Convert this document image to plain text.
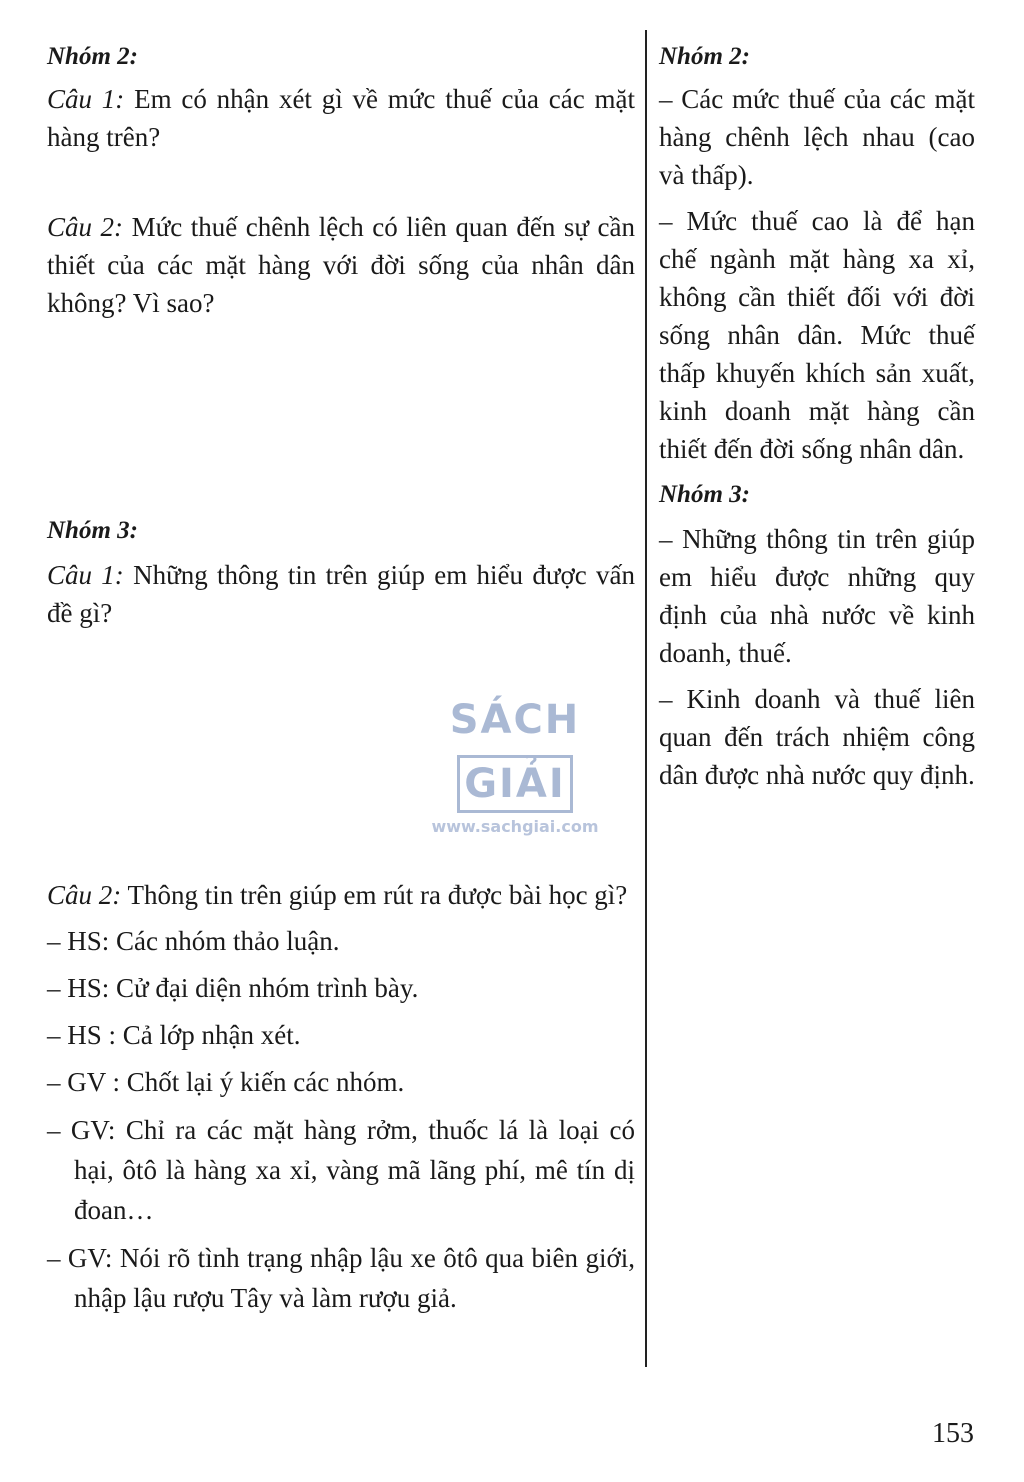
Nhóm 2:

Câu 1: Em có nhận xét gì về mức thuế của các mặt hàng trên?

Câu 2: Mức thuế chênh lệch có liên quan đến sự cần thiết của các mặt hàng với đời sống của nhân dân không? Vì sao?

Nhóm 3:

Câu 1: Những thông tin trên giúp em hiểu được vấn đề gì?

Câu 2: Thông tin trên giúp em rút ra được bài học gì?

– HS: Các nhóm thảo luận.

– HS: Cử đại diện nhóm trình bày.

– HS : Cả lớp nhận xét.

– GV : Chốt lại ý kiến các nhóm.

– GV: Chỉ ra các mặt hàng rởm, thuốc lá là loại có hại, ôtô là hàng xa xỉ, vàng mã lãng phí, mê tín dị đoan…

– GV: Nói rõ tình trạng nhập lậu xe ôtô qua biên giới, nhập lậu rượu Tây và làm rượu giả.

Nhóm 2:

– Các mức thuế của các mặt hàng chênh lệch nhau (cao và thấp).

– Mức thuế cao là để hạn chế ngành mặt hàng xa xỉ, không cần thiết đối với đời sống nhân dân. Mức thuế thấp khuyến khích sản xuất, kinh doanh mặt hàng cần thiết đến đời sống nhân dân.

Nhóm 3:

– Những thông tin trên giúp em hiểu được những quy định của nhà nước về kinh doanh, thuế.

– Kinh doanh và thuế liên quan đến trách nhiệm công dân được nhà nước quy định.

SÁCHGIẢI
www.sachgiai.com
153
